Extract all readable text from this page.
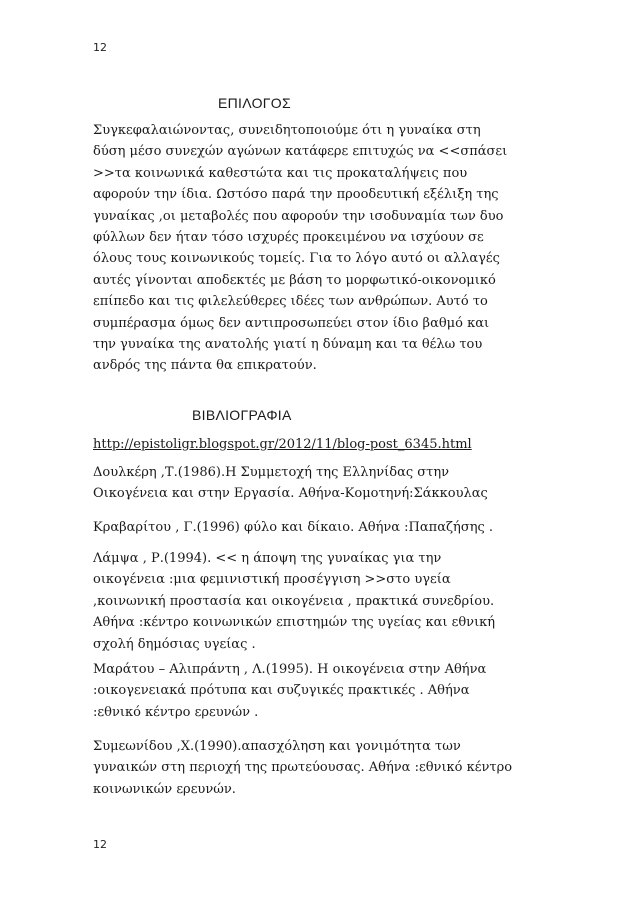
12
ΕΠΙΛΟΓΟΣ
Συγκεφαλαιώνοντας, συνειδητοποιούμε ότι η γυναίκα στη
δύση μέσο συνεχών αγώνων κατάφερε επιτυχώς να <<σπάσει
>>τα κοινωνικά καθεστώτα και τις προκαταλήψεις που
αφορούν την ίδια. Ωστόσο παρά την προοδευτική εξέλιξη της
γυναίκας ,οι μεταβολές που αφορούν την ισοδυναμία των δυο
φύλλων δεν ήταν τόσο ισχυρές προκειμένου να ισχύουν σε
όλους τους κοινωνικούς τομείς. Για το λόγο αυτό οι αλλαγές
αυτές γίνονται αποδεκτές με βάση το μορφωτικό-οικονομικό
επίπεδο και τις φιλελεύθερες ιδέες των ανθρώπων. Αυτό το
συμπέρασμα όμως δεν αντιπροσωπεύει στον ίδιο βαθμό και
την γυναίκα της ανατολής γιατί η δύναμη και τα θέλω του
ανδρός της πάντα θα επικρατούν.
ΒΙΒΛΙΟΓΡΑΦΙΑ
http://epistoligr.blogspot.gr/2012/11/blog-post_6345.html
Δουλκέρη ,Τ.(1986).Η Συμμετοχή της Ελληνίδας στην
Οικογένεια και στην Εργασία. Αθήνα-Κομοτηνή:Σάκκουλας
Κραβαρίτου , Γ.(1996) φύλο και δίκαιο. Αθήνα :Παπαζήσης .
Λάμψα , Ρ.(1994). << η άποψη της γυναίκας για την
οικογένεια :μια φεμινιστική προσέγγιση >>στο υγεία
,κοινωνική προστασία και οικογένεια , πρακτικά συνεδρίου.
Αθήνα :κέντρο κοινωνικών επιστημών της υγείας και εθνική
σχολή δημόσιας υγείας .
Μαράτου – Αλιπράντη , Λ.(1995). Η οικογένεια στην Αθήνα
:οικογενειακά πρότυπα και συζυγικές πρακτικές . Αθήνα
:εθνικό κέντρο ερευνών .
Συμεωνίδου ,Χ.(1990).απασχόληση και γονιμότητα των
γυναικών στη περιοχή της πρωτεύουσας. Αθήνα :εθνικό κέντρο
κοινωνικών ερευνών.
12
